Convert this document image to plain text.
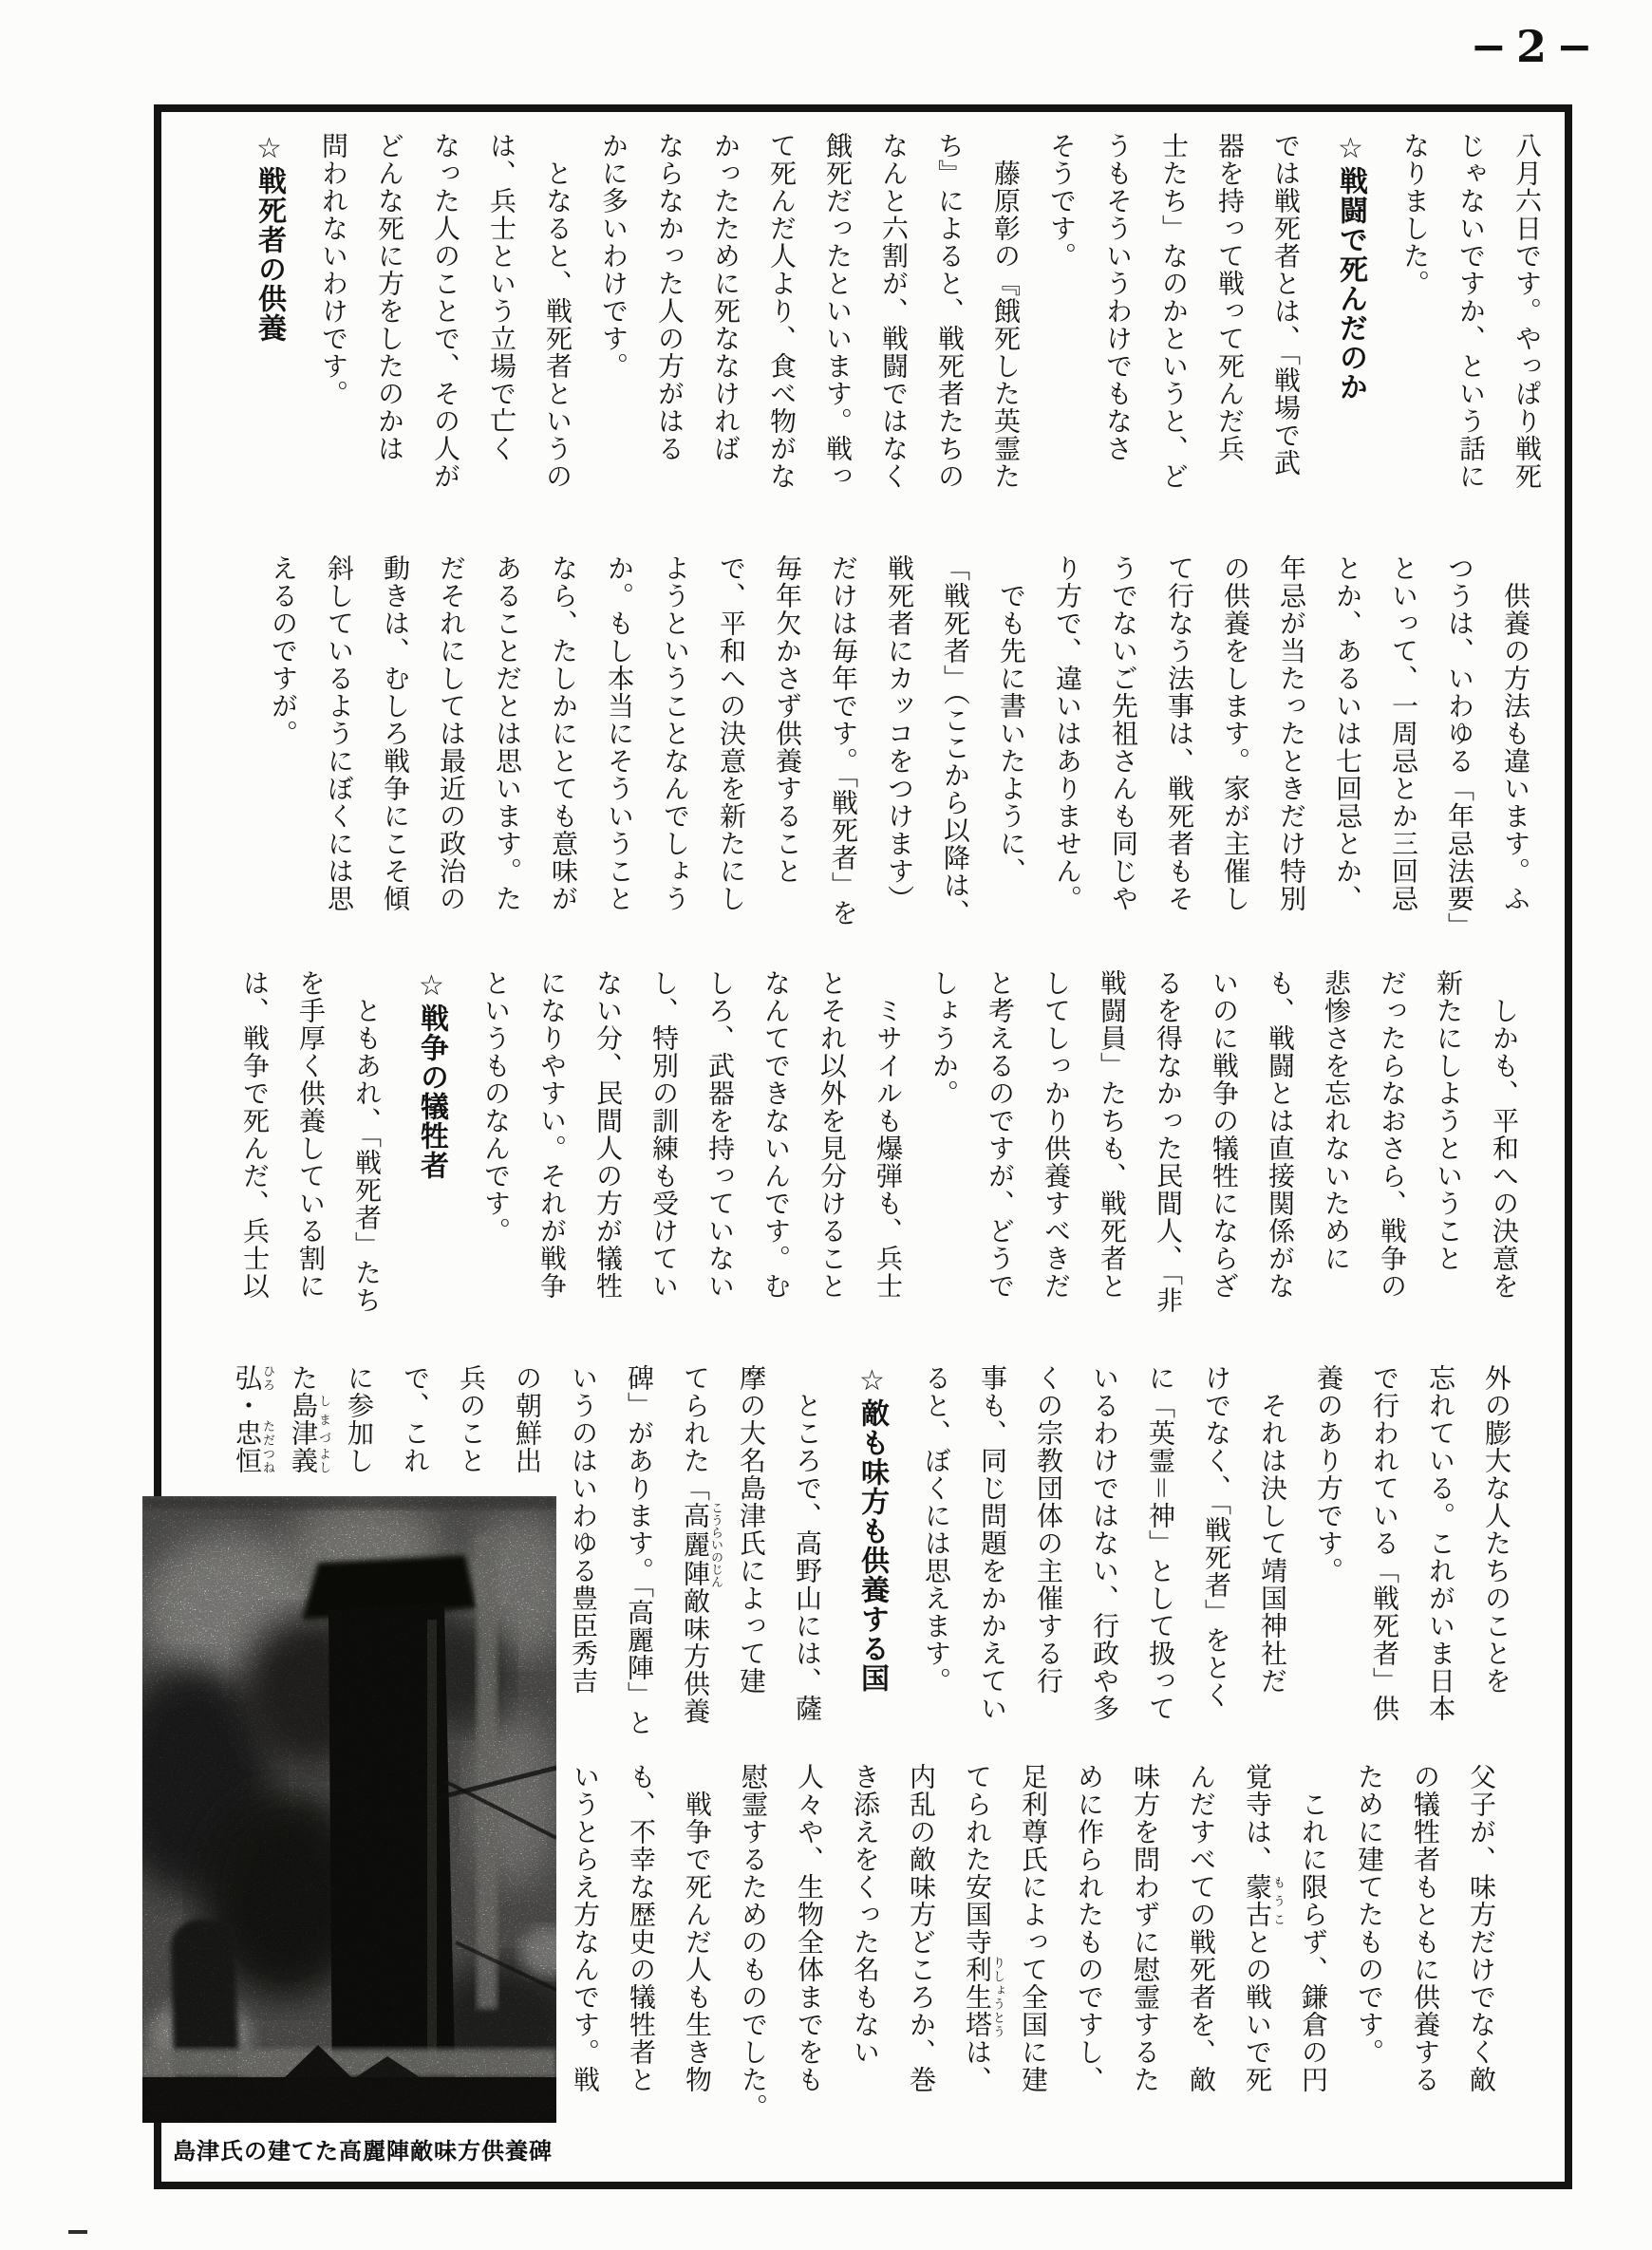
−2−
八月六日です。やっぱり戦死
じゃないですか、という話に
なりました。
☆戦闘で死んだのか
では戦死者とは、「戦場で武
器を持って戦って死んだ兵
士たち」なのかというと、ど
うもそういうわけでもなさ
そうです。
　藤原彰の『餓死した英霊た
ち』によると、戦死者たちの
なんと六割が、戦闘ではなく
餓死だったといいます。戦っ
て死んだ人より、食べ物がな
かったために死ななければ
ならなかった人の方がはる
かに多いわけです。
　となると、戦死者というの
は、兵士という立場で亡く
なった人のことで、その人が
どんな死に方をしたのかは
問われないわけです。
☆戦死者の供養
　供養の方法も違います。ふ
つうは、いわゆる「年忌法要」
といって、一周忌とか三回忌
とか、あるいは七回忌とか、
年忌が当たったときだけ特別
の供養をします。家が主催し
て行なう法事は、戦死者もそ
うでないご先祖さんも同じや
り方で、違いはありません。
　でも先に書いたように、
「戦死者」（ここから以降は、
戦死者にカッコをつけます）
だけは毎年です。「戦死者」を
毎年欠かさず供養すること
で、平和への決意を新たにし
ようということなんでしょう
か。もし本当にそういうこと
なら、たしかにとても意味が
あることだとは思います。た
だそれにしては最近の政治の
動きは、むしろ戦争にこそ傾
斜しているようにぼくには思
えるのですが。
　しかも、平和への決意を
新たにしようということ
だったらなおさら、戦争の
悲惨さを忘れないために
も、戦闘とは直接関係がな
いのに戦争の犠牲にならざ
るを得なかった民間人、「非
戦闘員」たちも、戦死者と
してしっかり供養すべきだ
と考えるのですが、どうで
しょうか。
　ミサイルも爆弾も、兵士
とそれ以外を見分けること
なんてできないんです。む
しろ、武器を持っていない
し、特別の訓練も受けてい
ない分、民間人の方が犠牲
になりやすい。それが戦争
というものなんです。
☆戦争の犠牲者
　ともあれ、「戦死者」たち
を手厚く供養している割に
は、戦争で死んだ、兵士以
外の膨大な人たちのことを
忘れている。これがいま日本
で行われている「戦死者」供
養のあり方です。
　それは決して靖国神社だ
けでなく、「戦死者」をとく
に「英霊＝神」として扱って
いるわけではない、行政や多
くの宗教団体の主催する行
事も、同じ問題をかかえてい
ると、ぼくには思えます。
☆敵も味方も供養する国
　ところで、高野山には、薩
摩の大名島津氏によって建
てられた「高麗陣こうらいのじん敵味方供養
碑」があります。「高麗陣」と
いうのはいわゆる豊臣秀吉
の朝鮮出
兵のこと
で、これ
に参加し
た島津しまづ義よし
弘ひろ・忠恒ただつね
父子が、味方だけでなく敵
の犠牲者もともに供養する
ために建てたものです。
　これに限らず、鎌倉の円
覚寺は、蒙古もうことの戦いで死
んだすべての戦死者を、敵
味方を問わずに慰霊するた
めに作られたものですし、
足利尊氏によって全国に建
てられた安国寺利生塔りしょうとうは、
内乱の敵味方どころか、巻
き添えをくった名もない
人々や、生物全体までをも
慰霊するためのものでした。
　戦争で死んだ人も生き物
も、不幸な歴史の犠牲者と
いうとらえ方なんです。戦
島津氏の建てた高麗陣敵味方供養碑
